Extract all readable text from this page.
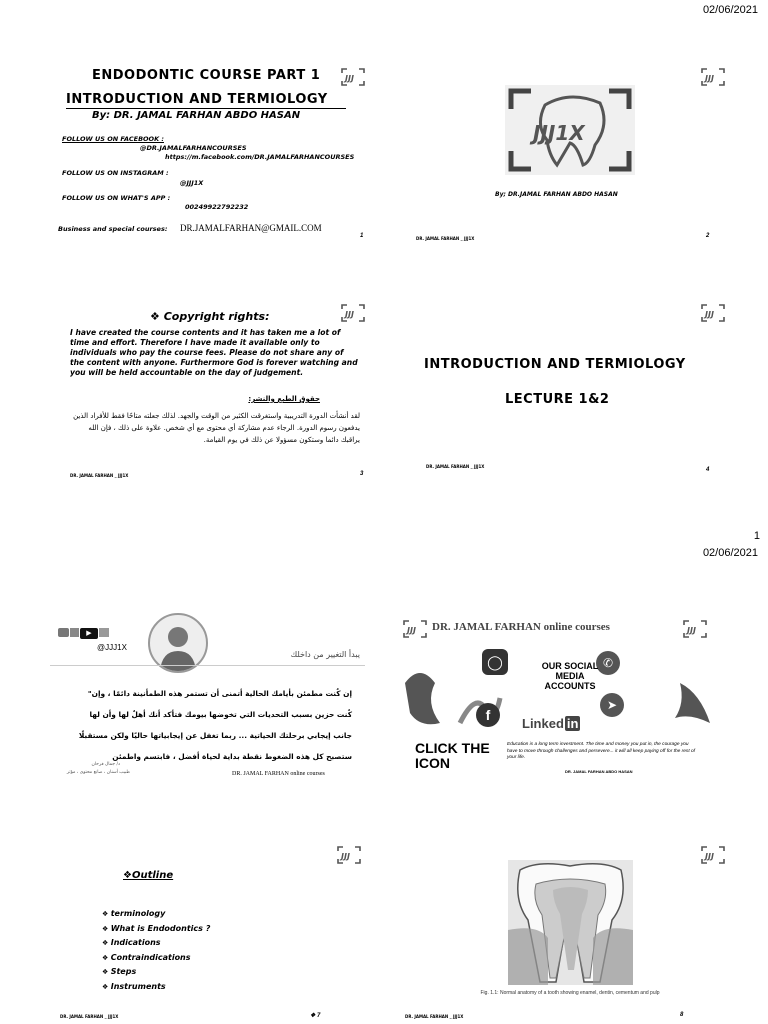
02/06/2021
1
02/06/2021
ENDODONTIC COURSE PART 1
INTRODUCTION AND TERMIOLOGY
By: DR. JAMAL FARHAN ABDO HASAN
FOLLOW US ON FACEBOOK :
@DR.JAMALFARHANCOURSES
https://m.facebook.com/DR.JAMALFARHANCOURSES
FOLLOW US ON INSTAGRAM :
@JJJ1X
FOLLOW US ON WHAT'S APP :
00249922792232
Business and special courses: DR.JAMALFARHAN@GMAIL.COM
1
JJJ1X
By; DR.JAMAL FARHAN ABDO HASAN
DR. JAMAL FARHAN _ JJJ1X	2
❖ Copyright rights:
I have created the course contents and it has taken me a lot of time and effort. Therefore I have made it available only to individuals who pay the course fees. Please do not share any of the content with anyone. Furthermore God is forever watching and you will be held accountable on the day of judgement.
حقوق الطبع والنشر:
لقد أنشأت الدورة التدريبية واستغرقت الكثير من الوقت والجهد. لذلك جعلته متاحًا فقط للأفراد الذين يدفعون رسوم الدورة. الرجاء عدم مشاركة أي محتوى مع أي شخص. علاوة على ذلك ، فإن الله يراقبك دائما وستكون مسؤولا عن ذلك في يوم القيامة.
DR. JAMAL FARHAN _ JJJ1X	3
INTRODUCTION AND TERMIOLOGY
LECTURE 1&2
DR. JAMAL FARHAN _ JJJ1X
4
▶
@JJJ1X
يبدأ التغيير من داخلك
إن كُنت مطمئن بأيامك الحالية أتمنى أن تستمر هذه الطمأنينة دائمًا ، وإن"
كُنت حزين بسبب التحديات التي تخوضها بيومك فتأكد أنك أهلٌ لها وأن لها
جانب إيجابي برحلتك الحياتية ... ربما تغفل عن إيجابياتها حاليًا ولكن مستقبلًا
ستصبح كل هذه الضغوط نقطة بداية لحياة أفضل ، فابتسم واطمئن
د/ جمال فرحان
طبيب أسنان ، صانع محتوى ، مؤثر	DR. JAMAL FARHAN online courses
DR. JAMAL FARHAN online courses
◯	✆
OUR SOCIAL MEDIA ACCOUNTS
f
Linked in
➤
CLICK THE ICON
Education is a long term investment. The time and money you put in, the courage you have to move through challenges and persevere... it will all keep paying off for the rest of your life.
DR. JAMAL FARHAN ABDO HASAN
❖Outline
❖ terminology
❖ What is Endodontics ?
❖ Indications
❖ Contraindications
❖ Steps
❖ Instruments
DR. JAMAL FARHAN _ JJJ1X	❖ 7
Fig. 1.1: Normal anatomy of a tooth showing enamel, dentin, cementum and pulp
DR. JAMAL FARHAN _ JJJ1X	8
